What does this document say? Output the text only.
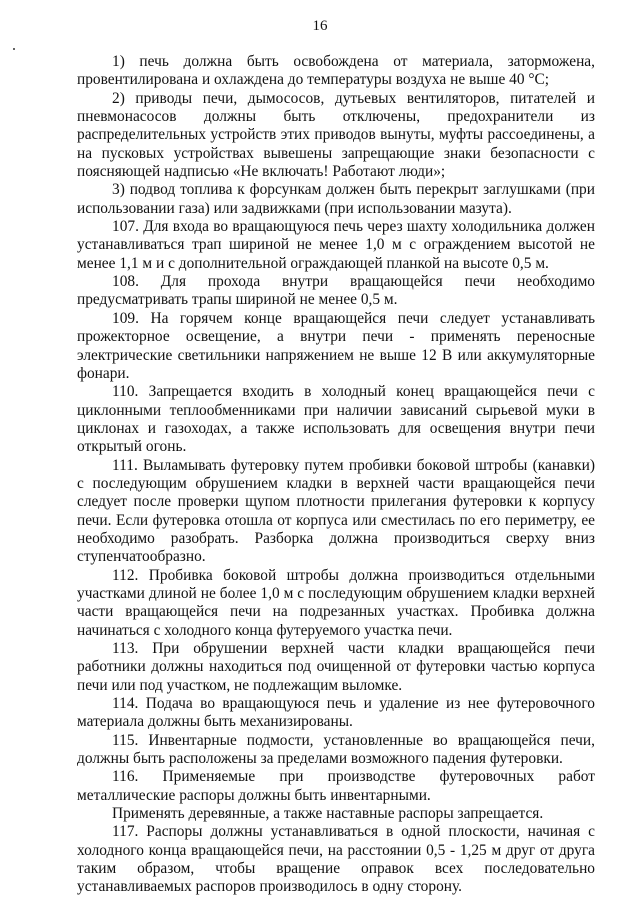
16

1) печь должна быть освобождена от материала, заторможена, провентилирована и охлаждена до температуры воздуха не выше 40 °C;

2) приводы печи, дымососов, дутьевых вентиляторов, питателей и пневмонасосов должны быть отключены, предохранители из распределительных устройств этих приводов вынуты, муфты рассоединены, а на пусковых устройствах вывешены запрещающие знаки безопасности с поясняющей надписью «Не включать! Работают люди»;

3) подвод топлива к форсункам должен быть перекрыт заглушками (при использовании газа) или задвижками (при использовании мазута).

107. Для входа во вращающуюся печь через шахту холодильника должен устанавливаться трап шириной не менее 1,0 м с ограждением высотой не менее 1,1 м и с дополнительной ограждающей планкой на высоте 0,5 м.

108. Для прохода внутри вращающейся печи необходимо предусматривать трапы шириной не менее 0,5 м.

109. На горячем конце вращающейся печи следует устанавливать прожекторное освещение, а внутри печи - применять переносные электрические светильники напряжением не выше 12 В или аккумуляторные фонари.

110. Запрещается входить в холодный конец вращающейся печи с циклонными теплообменниками при наличии зависаний сырьевой муки в циклонах и газоходах, а также использовать для освещения внутри печи открытый огонь.

111. Выламывать футеровку путем пробивки боковой штробы (канавки) с последующим обрушением кладки в верхней части вращающейся печи следует после проверки щупом плотности прилегания футеровки к корпусу печи. Если футеровка отошла от корпуса или сместилась по его периметру, ее необходимо разобрать. Разборка должна производиться сверху вниз ступенчатообразно.

112. Пробивка боковой штробы должна производиться отдельными участками длиной не более 1,0 м с последующим обрушением кладки верхней части вращающейся печи на подрезанных участках. Пробивка должна начинаться с холодного конца футеруемого участка печи.

113. При обрушении верхней части кладки вращающейся печи работники должны находиться под очищенной от футеровки частью корпуса печи или под участком, не подлежащим выломке.

114. Подача во вращающуюся печь и удаление из нее футеровочного материала должны быть механизированы.

115. Инвентарные подмости, установленные во вращающейся печи, должны быть расположены за пределами возможного падения футеровки.

116. Применяемые при производстве футеровочных работ металлические распоры должны быть инвентарными.

Применять деревянные, а также наставные распоры запрещается.

117. Распоры должны устанавливаться в одной плоскости, начиная с холодного конца вращающейся печи, на расстоянии 0,5 - 1,25 м друг от друга таким образом, чтобы вращение оправок всех последовательно устанавливаемых распоров производилось в одну сторону.
